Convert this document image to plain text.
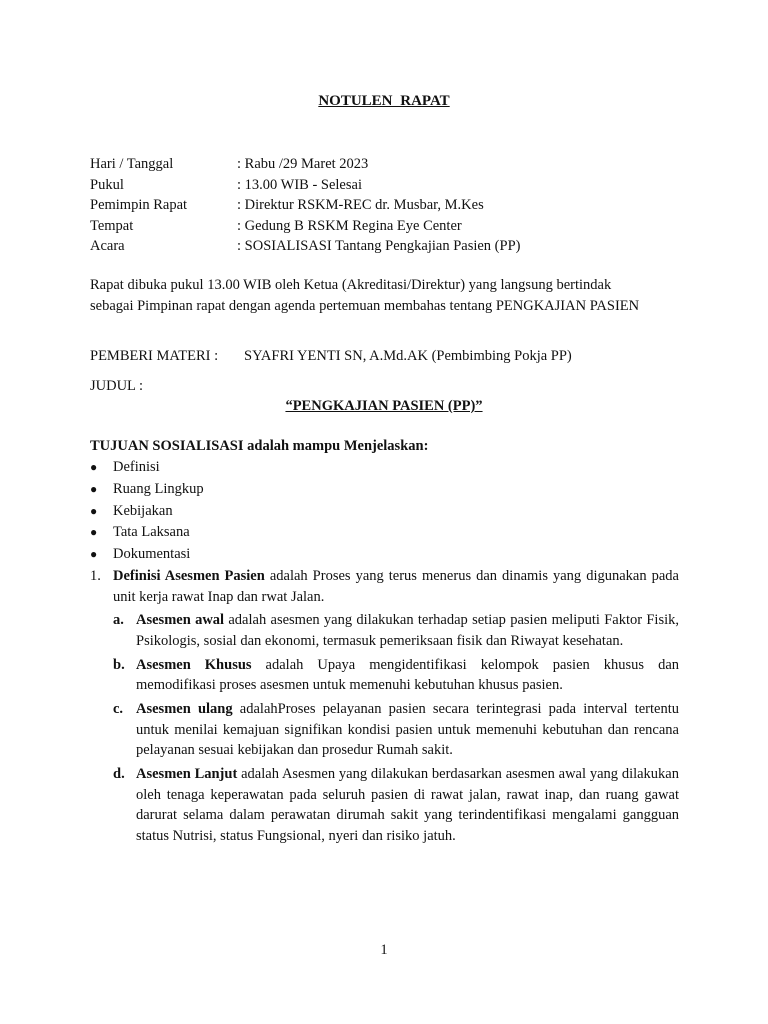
NOTULEN RAPAT
Hari / Tanggal	: Rabu /29 Maret 2023
Pukul	: 13.00 WIB - Selesai
Pemimpin Rapat	: Direktur RSKM-REC dr. Musbar, M.Kes
Tempat	: Gedung B RSKM Regina Eye Center
Acara	: SOSIALISASI Tantang Pengkajian Pasien (PP)

Rapat dibuka pukul 13.00 WIB oleh Ketua (Akreditasi/Direktur) yang langsung bertindak

sebagai Pimpinan rapat dengan agenda pertemuan membahas tentang PENGKAJIAN PASIEN

PEMBERI MATERI :	SYAFRI YENTI SN, A.Md.AK (Pembimbing Pokja PP)
JUDUL :
“PENGKAJIAN PASIEN (PP)”
TUJUAN SOSIALISASI adalah mampu Menjelaskan:
●	Definisi
●	Ruang Lingkup
●	Kebijakan
●	Tata Laksana
●	Dokumentasi
1. Definisi Asesmen Pasien adalah Proses yang terus menerus dan dinamis yang digunakan pada unit kerja rawat Inap dan rwat Jalan.

a. Asesmen awal adalah asesmen yang dilakukan terhadap setiap pasien meliputi Faktor Fisik, Psikologis, sosial dan ekonomi, termasuk pemeriksaan fisik dan Riwayat kesehatan.
b. Asesmen Khusus adalah Upaya mengidentifikasi kelompok pasien khusus dan memodifikasi proses asesmen untuk memenuhi kebutuhan khusus pasien.
c. Asesmen ulang adalahProses pelayanan pasien secara terintegrasi pada interval tertentu untuk menilai kemajuan signifikan kondisi pasien untuk memenuhi kebutuhan dan rencana pelayanan sesuai kebijakan dan prosedur Rumah sakit.
d. Asesmen Lanjut adalah Asesmen yang dilakukan berdasarkan asesmen awal yang dilakukan oleh tenaga keperawatan pada seluruh pasien di rawat jalan, rawat inap, dan ruang gawat darurat selama dalam perawatan dirumah sakit yang terindentifikasi mengalami gangguan status Nutrisi, status Fungsional, nyeri dan risiko jatuh.
1
